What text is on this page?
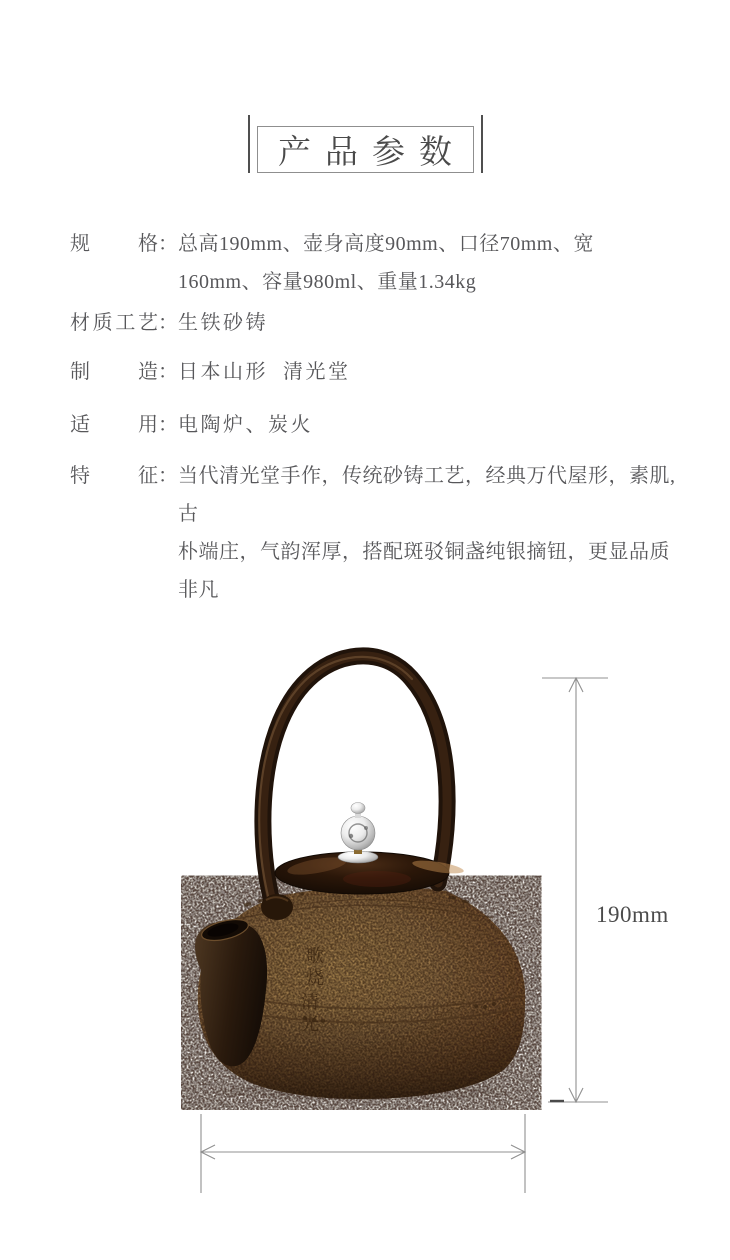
产品参数
规格 ： 总高190mm、壶身高度90mm、口径70mm、宽
160mm、容量980ml、重量1.34kg
材质工艺 ： 生铁砂铸
制造 ： 日本山形  清光堂
适用 ： 电陶炉、炭火
特征 ： 当代清光堂手作，传统砂铸工艺，经典万代屋形，素肌,古
朴端庄，气韵浑厚，搭配斑驳铜盏纯银摘钮，更显品质非凡
歌
烧
清
光
190mm
